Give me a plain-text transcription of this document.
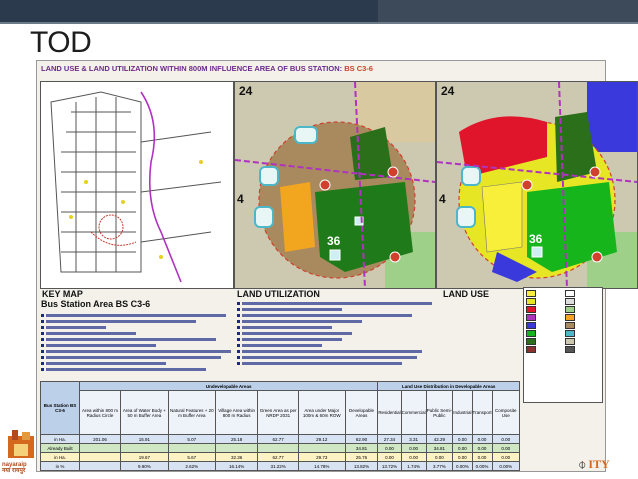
TOD
LAND USE & LAND UTILIZATION WITHIN 800M INFLUENCE AREA OF BUS STATION: BS C3-6
KEY MAP
24
4
36
LAND UTILIZATION
24
4
36
LAND USE
Bus Station Area BS C3-6
Bus Station BS C3-6	Undevelopable Areas							Land Use Distribution in Developable Areas					
	Area within 800 m Radius Circle	Area of Water Body + 50 m Buffer Area	Natural Features + 20 m Buffer Area	Village Area within 800 m Radius	Green Area as per NRDP 2031	Area under Major 100m & 60m ROW	Developable Areas	Residential	Commercial	Public Semi-Public	Industrial	Transport	Composite Use
in Ha.	201.06	15.91	5.07	25.18	62.77	29.12	62.90	27.34	3.31	42.29	0.00	0.00	0.00
Already Built							34.81	0.00	0.00	34.81	0.00	0.00	0.00
in Ha.		19.67	5.67	32.36	62.77	29.73	25.76	0.00	0.00	0.00	0.00	0.00	0.00
in %		9.90%	2.62%	16.14%	31.22%	14.78%	13.82%	13.72%	1.74%	3.77%	0.00%	0.00%	0.00%
nayaraip
नया रायपुर	⌽ ITY
